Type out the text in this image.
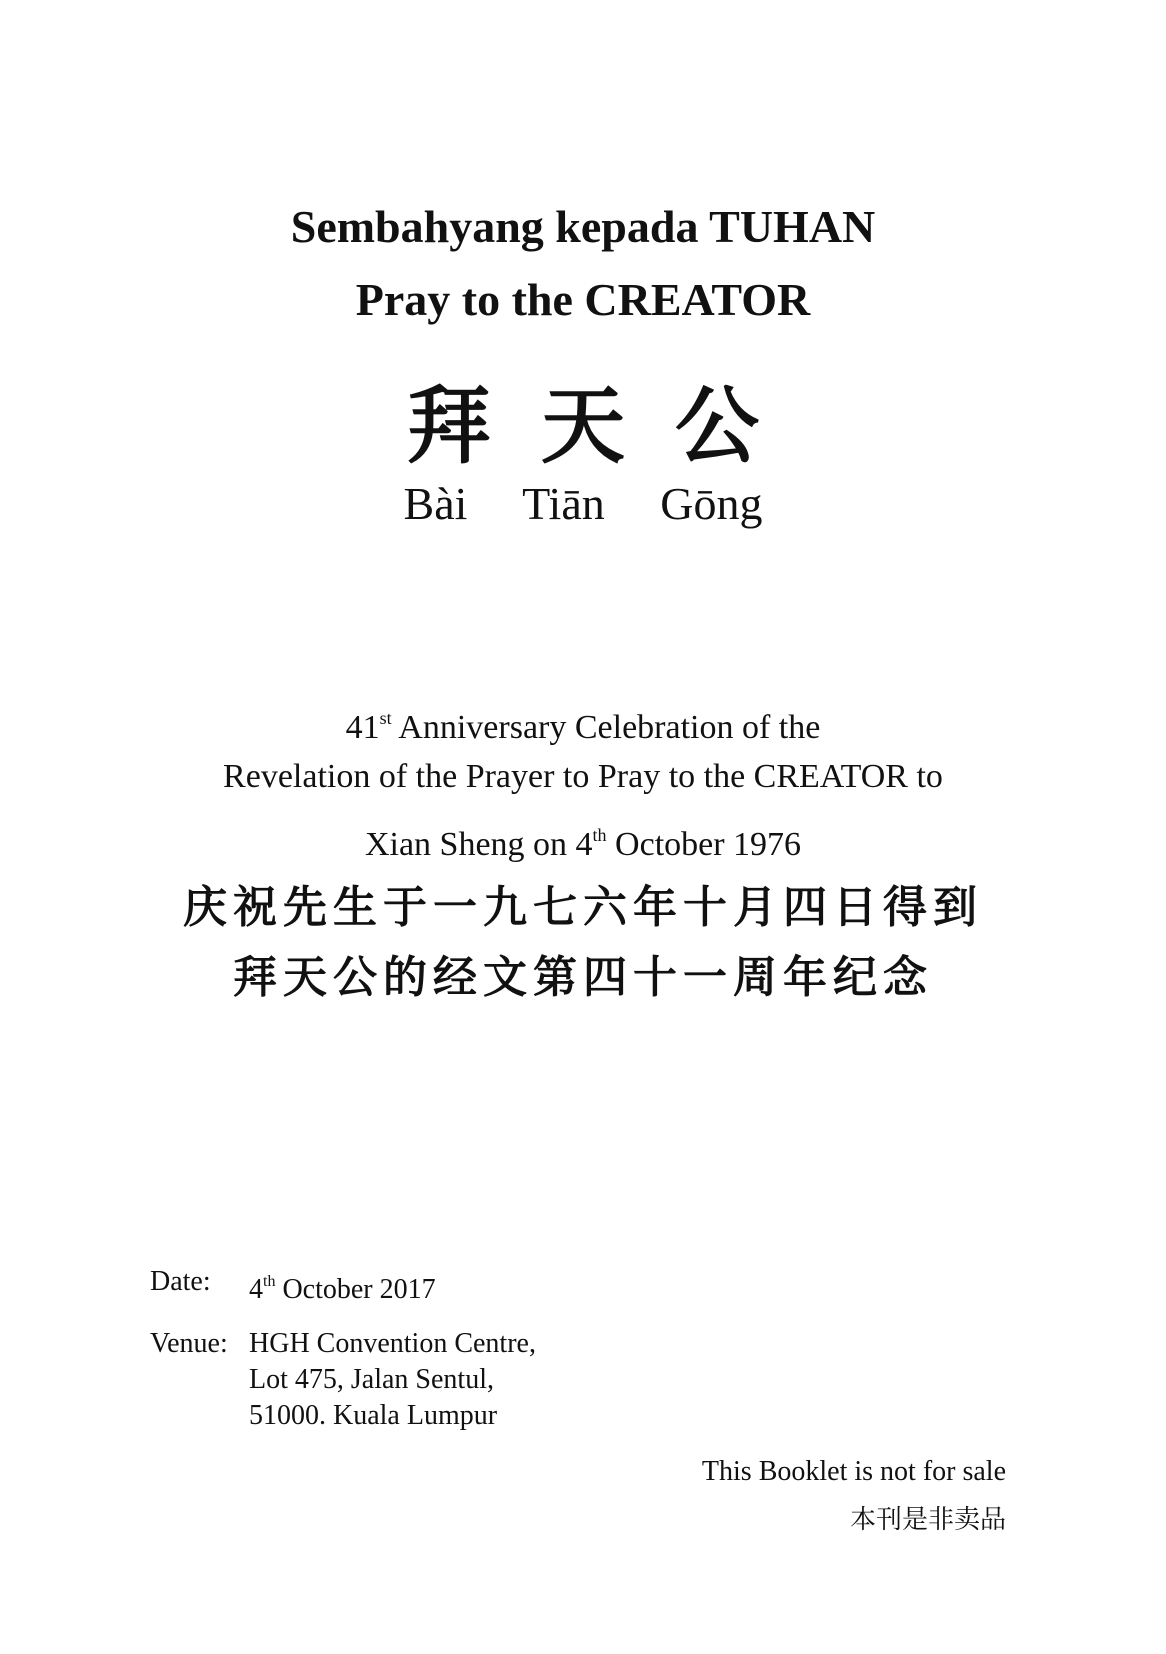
Sembahyang kepada TUHAN
Pray to the CREATOR
拜天公
Bài Tiān Gōng
41st Anniversary Celebration of the
Revelation of the Prayer to Pray to the CREATOR to
Xian Sheng on 4th October 1976
庆祝先生于一九七六年十月四日得到
拜天公的经文第四十一周年纪念
Date: 4th October 2017
Venue: HGH Convention Centre,
Lot 475, Jalan Sentul,
51000. Kuala Lumpur
This Booklet is not for sale
本刊是非卖品
